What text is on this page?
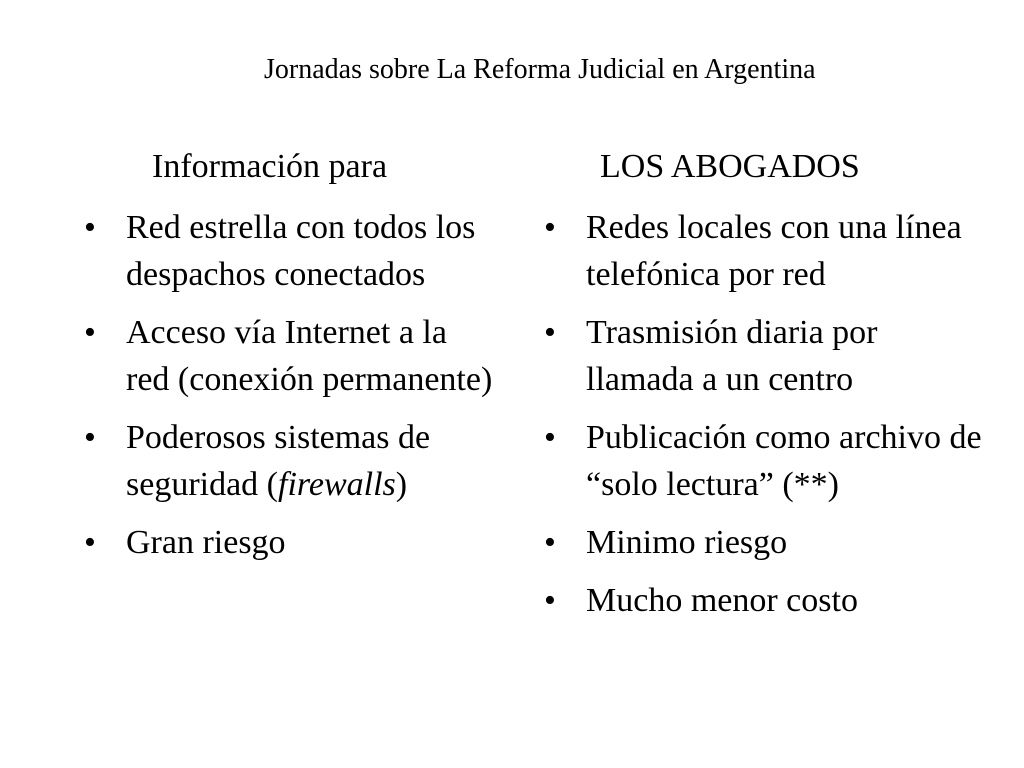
Jornadas sobre La Reforma Judicial en Argentina
Información para	LOS ABOGADOS
• Red estrella con todos los despachos conectados
• Acceso vía Internet a la red (conexión permanente)
• Poderosos sistemas de seguridad (firewalls)
• Gran riesgo
• Redes locales con una línea telefónica por red
• Trasmisión diaria por llamada a un centro
• Publicación como archivo de “solo lectura” (**)
• Minimo riesgo
• Mucho menor costo
